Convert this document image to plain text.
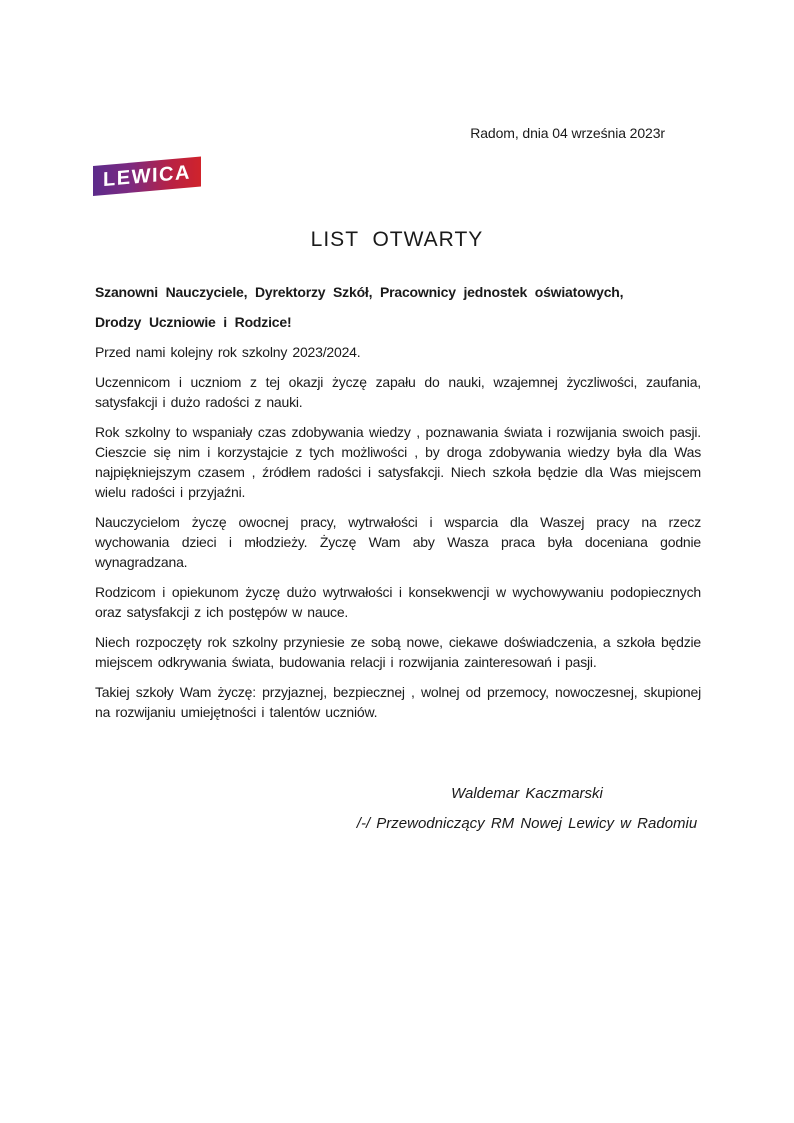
Radom, dnia 04 września 2023r
LEWICA
LIST OTWARTY

Szanowni Nauczyciele, Dyrektorzy Szkół, Pracownicy jednostek oświatowych,

Drodzy Uczniowie i Rodzice!

Przed nami kolejny rok szkolny 2023/2024.

Uczennicom i uczniom z tej okazji życzę zapału do nauki, wzajemnej życzliwości, zaufania, satysfakcji i dużo radości z nauki.

Rok szkolny to wspaniały czas zdobywania wiedzy , poznawania świata i rozwijania swoich pasji. Cieszcie się nim i korzystajcie z tych możliwości , by droga zdobywania wiedzy była dla Was najpiękniejszym czasem , źródłem radości i satysfakcji. Niech szkoła będzie dla Was miejscem wielu radości i przyjaźni.

Nauczycielom życzę owocnej pracy, wytrwałości i wsparcia dla Waszej pracy na rzecz wychowania dzieci i młodzieży. Życzę Wam aby Wasza praca była doceniana godnie wynagradzana.

Rodzicom i opiekunom życzę dużo wytrwałości i konsekwencji w wychowywaniu podopiecznych oraz satysfakcji z ich postępów w nauce.

Niech rozpoczęty rok szkolny przyniesie ze sobą nowe, ciekawe doświadczenia, a szkoła będzie miejscem odkrywania świata, budowania relacji i rozwijania zainteresowań i pasji.

Takiej szkoły Wam życzę: przyjaznej, bezpiecznej , wolnej od przemocy, nowoczesnej, skupionej na rozwijaniu umiejętności i talentów uczniów.

Waldemar Kaczmarski
/-/ Przewodniczący RM Nowej Lewicy w Radomiu
